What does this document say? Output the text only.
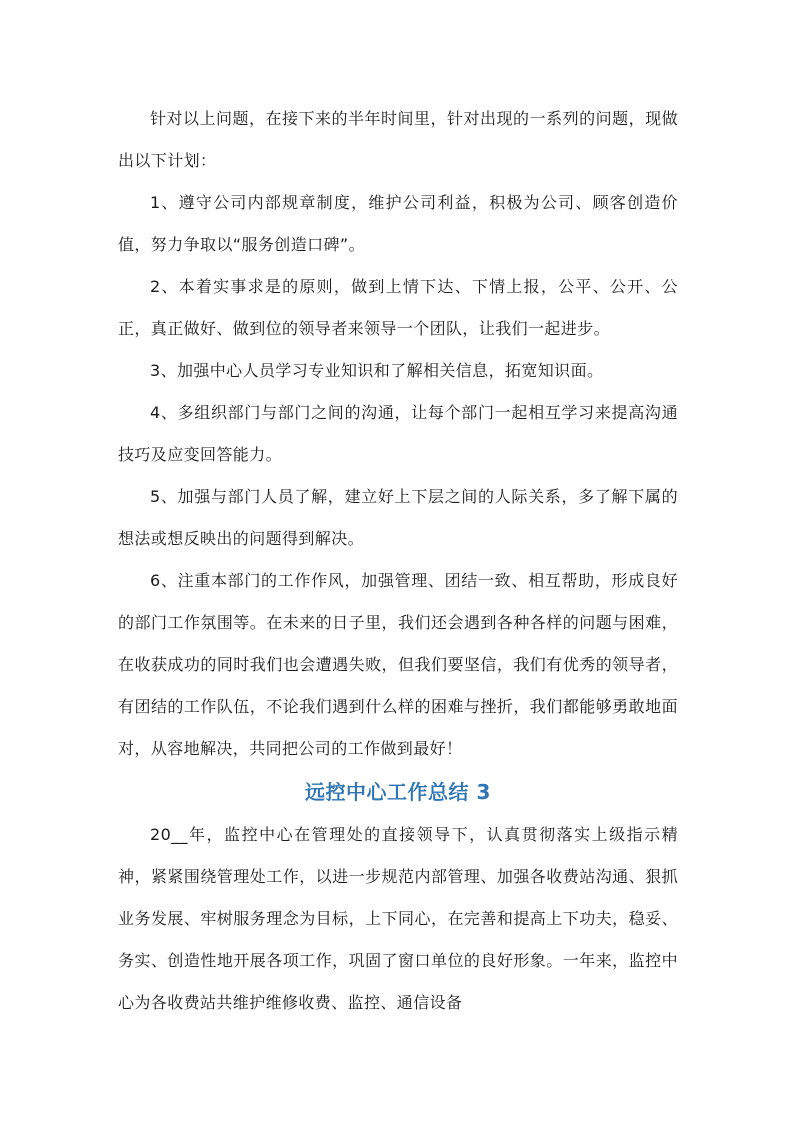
针对以上问题，在接下来的半年时间里，针对出现的一系列的问题，现做出以下计划：

1、遵守公司内部规章制度，维护公司利益，积极为公司、顾客创造价值，努力争取以“服务创造口碑”。

2、本着实事求是的原则，做到上情下达、下情上报，公平、公开、公正，真正做好、做到位的领导者来领导一个团队，让我们一起进步。

3、加强中心人员学习专业知识和了解相关信息，拓宽知识面。

4、多组织部门与部门之间的沟通，让每个部门一起相互学习来提高沟通技巧及应变回答能力。

5、加强与部门人员了解，建立好上下层之间的人际关系，多了解下属的想法或想反映出的问题得到解决。

6、注重本部门的工作作风，加强管理、团结一致、相互帮助，形成良好的部门工作氛围等。在未来的日子里，我们还会遇到各种各样的问题与困难，在收获成功的同时我们也会遭遇失败，但我们要坚信，我们有优秀的领导者，有团结的工作队伍，不论我们遇到什么样的困难与挫折，我们都能够勇敢地面对，从容地解决，共同把公司的工作做到最好！

远控中心工作总结 3

20__年，监控中心在管理处的直接领导下，认真贯彻落实上级指示精神，紧紧围绕管理处工作，以进一步规范内部管理、加强各收费站沟通、狠抓业务发展、牢树服务理念为目标，上下同心，在完善和提高上下功夫，稳妥、务实、创造性地开展各项工作，巩固了窗口单位的良好形象。一年来，监控中心为各收费站共维护维修收费、监控、通信设备
